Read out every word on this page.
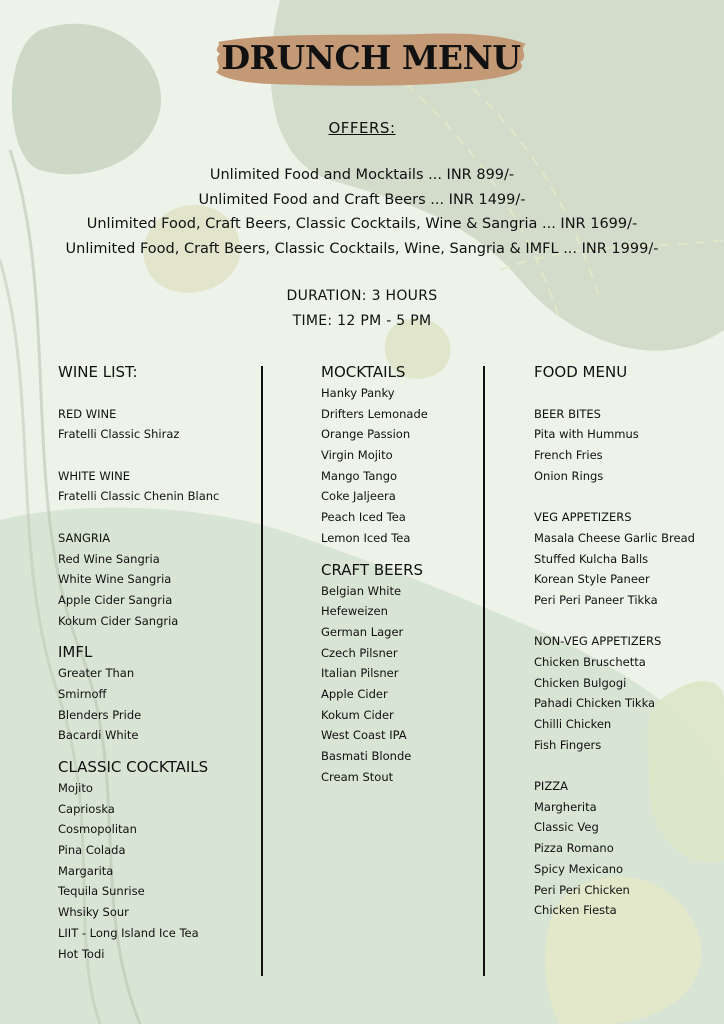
DRUNCH MENU
OFFERS:
Unlimited Food and Mocktails ... INR 899/-
Unlimited Food and Craft Beers ... INR 1499/-
Unlimited Food, Craft Beers, Classic Cocktails, Wine & Sangria ... INR 1699/-
Unlimited Food, Craft Beers, Classic Cocktails, Wine, Sangria & IMFL ... INR 1999/-
DURATION: 3 HOURS
TIME: 12 PM - 5 PM
WINE LIST:
RED WINE
Fratelli Classic Shiraz
WHITE WINE
Fratelli Classic Chenin Blanc
SANGRIA
Red Wine Sangria
White Wine Sangria
Apple Cider Sangria
Kokum Cider Sangria
IMFL
Greater Than
Smirnoff
Blenders Pride
Bacardi White
CLASSIC COCKTAILS
Mojito
Caprioska
Cosmopolitan
Pina Colada
Margarita
Tequila Sunrise
Whsiky Sour
LIIT - Long Island Ice Tea
Hot Todi
MOCKTAILS
Hanky Panky
Drifters Lemonade
Orange Passion
Virgin Mojito
Mango Tango
Coke Jaljeera
Peach Iced Tea
Lemon Iced Tea
CRAFT BEERS
Belgian White
Hefeweizen
German Lager
Czech Pilsner
Italian Pilsner
Apple Cider
Kokum Cider
West Coast IPA
Basmati Blonde
Cream Stout
FOOD MENU
BEER BITES
Pita with Hummus
French Fries
Onion Rings
VEG APPETIZERS
Masala Cheese Garlic Bread
Stuffed Kulcha Balls
Korean Style Paneer
Peri Peri Paneer Tikka
NON-VEG APPETIZERS
Chicken Bruschetta
Chicken Bulgogi
Pahadi Chicken Tikka
Chilli Chicken
Fish Fingers
PIZZA
Margherita
Classic Veg
Pizza Romano
Spicy Mexicano
Peri Peri Chicken
Chicken Fiesta
